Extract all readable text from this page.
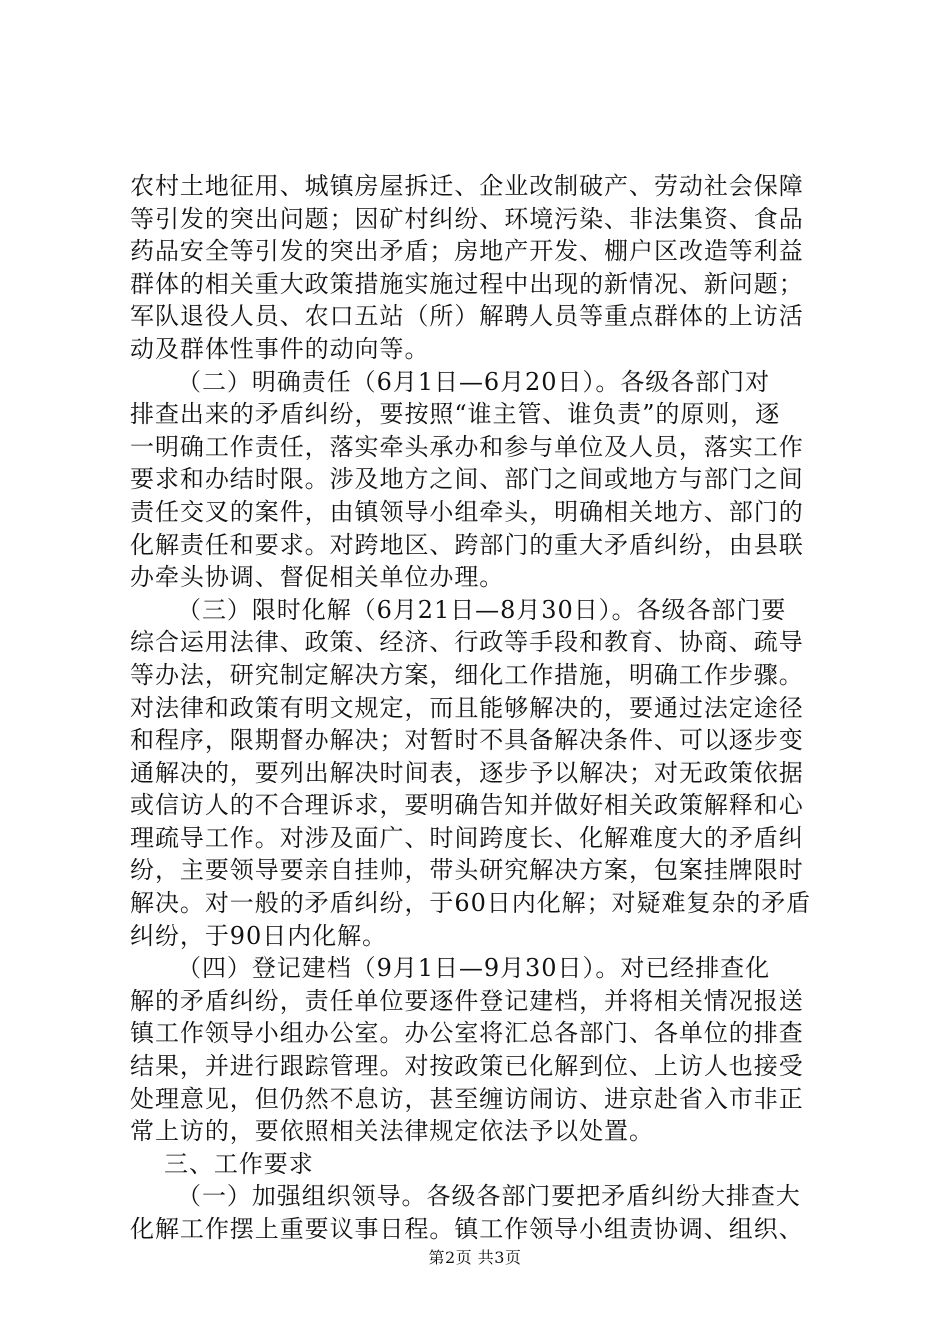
农村土地征用、城镇房屋拆迁、企业改制破产、劳动社会保障
等引发的突出问题；因矿村纠纷、环境污染、非法集资、食品
药品安全等引发的突出矛盾；房地产开发、棚户区改造等利益
群体的相关重大政策措施实施过程中出现的新情况、新问题；
军队退役人员、农口五站（所）解聘人员等重点群体的上访活
动及群体性事件的动向等。
（二）明确责任（6月1日—6月20日）。各级各部门对
排查出来的矛盾纠纷，要按照“谁主管、谁负责”的原则，逐
一明确工作责任，落实牵头承办和参与单位及人员，落实工作
要求和办结时限。涉及地方之间、部门之间或地方与部门之间
责任交叉的案件，由镇领导小组牵头，明确相关地方、部门的
化解责任和要求。对跨地区、跨部门的重大矛盾纠纷，由县联
办牵头协调、督促相关单位办理。
（三）限时化解（6月21日—8月30日）。各级各部门要
综合运用法律、政策、经济、行政等手段和教育、协商、疏导
等办法，研究制定解决方案，细化工作措施，明确工作步骤。
对法律和政策有明文规定，而且能够解决的，要通过法定途径
和程序，限期督办解决；对暂时不具备解决条件、可以逐步变
通解决的，要列出解决时间表，逐步予以解决；对无政策依据
或信访人的不合理诉求，要明确告知并做好相关政策解释和心
理疏导工作。对涉及面广、时间跨度长、化解难度大的矛盾纠
纷，主要领导要亲自挂帅，带头研究解决方案，包案挂牌限时
解决。对一般的矛盾纠纷，于60日内化解；对疑难复杂的矛盾
纠纷，于90日内化解。
（四）登记建档（9月1日—9月30日）。对已经排查化
解的矛盾纠纷，责任单位要逐件登记建档，并将相关情况报送
镇工作领导小组办公室。办公室将汇总各部门、各单位的排查
结果，并进行跟踪管理。对按政策已化解到位、上访人也接受
处理意见，但仍然不息访，甚至缠访闹访、进京赴省入市非正
常上访的，要依照相关法律规定依法予以处置。
三、工作要求
（一）加强组织领导。各级各部门要把矛盾纠纷大排查大
化解工作摆上重要议事日程。镇工作领导小组责协调、组织、
第2页 共3页
